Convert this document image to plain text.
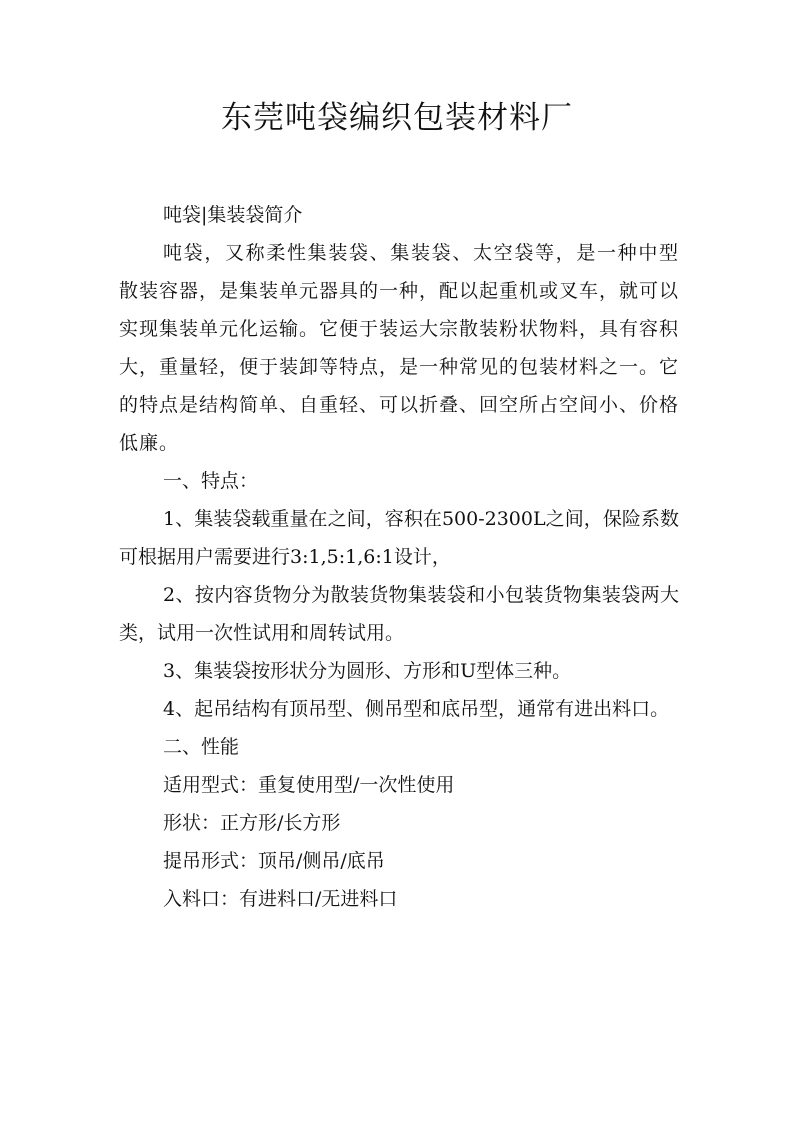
东莞吨袋编织包装材料厂

吨袋|集装袋简介

吨袋，又称柔性集装袋、集装袋、太空袋等，是一种中型散装容器，是集装单元器具的一种，配以起重机或叉车，就可以实现集装单元化运输。它便于装运大宗散装粉状物料，具有容积大，重量轻，便于装卸等特点，是一种常见的包装材料之一。它的特点是结构简单、自重轻、可以折叠、回空所占空间小、价格低廉。

一、特点：

1、集装袋载重量在之间，容积在500-2300L之间，保险系数可根据用户需要进行3:1,5:1,6:1设计，

2、按内容货物分为散装货物集装袋和小包装货物集装袋两大类，试用一次性试用和周转试用。

3、集装袋按形状分为圆形、方形和U型体三种。

4、起吊结构有顶吊型、侧吊型和底吊型，通常有进出料口。

二、性能

适用型式：重复使用型/一次性使用

形状：正方形/长方形

提吊形式：顶吊/侧吊/底吊

入料口：有进料口/无进料口
